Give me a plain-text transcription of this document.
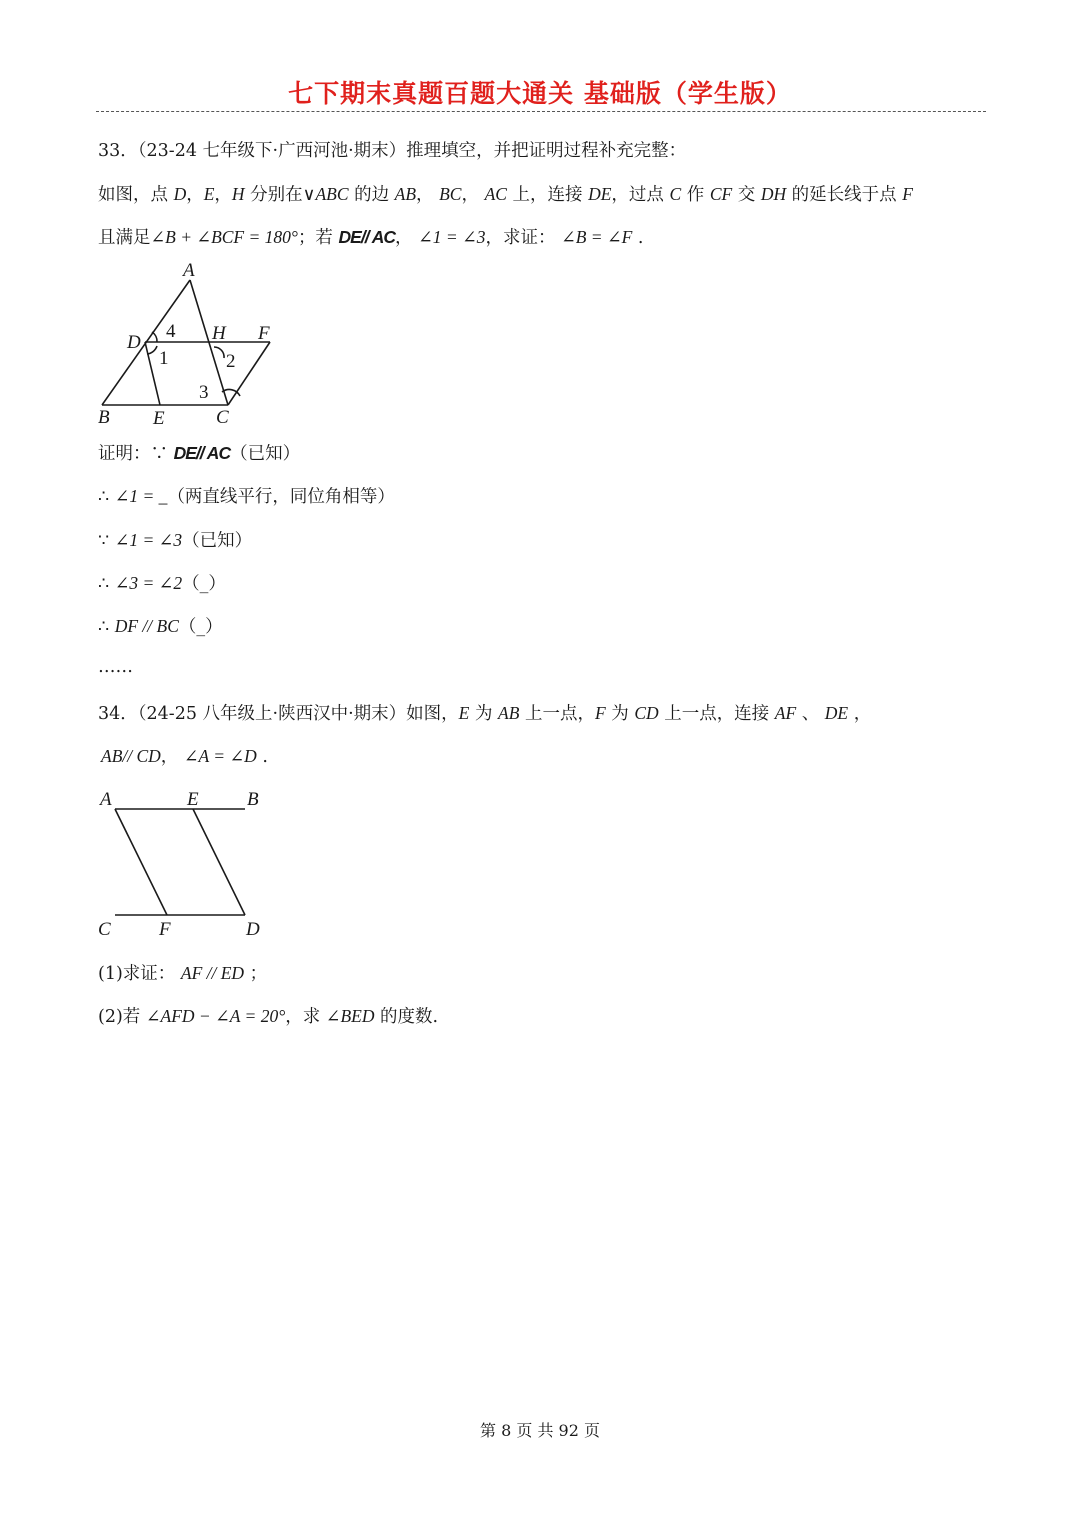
七下期末真题百题大通关 基础版（学生版）
33．（23-24 七年级下·广西河池·期末）推理填空，并把证明过程补充完整：
如图，点 D，E，H 分别在∨ABC 的边 AB， BC， AC 上，连接 DE，过点 C 作 CF 交 DH 的延长线于点 F
且满足∠B + ∠BCF = 180°；若 DE// AC， ∠1 = ∠3，求证： ∠B = ∠F .
A
D
4 H F
1	2
3
B E	C
证明：∵ DE// AC（已知）
∴ ∠1 = _（两直线平行，同位角相等）
∵ ∠1 = ∠3（已知）
∴ ∠3 = ∠2（_）
∴ DF // BC（_）
……
34．（24-25 八年级上·陕西汉中·期末）如图，E 为 AB 上一点，F 为 CD 上一点，连接 AF 、 DE ，
AB// CD， ∠A = ∠D .
A	E	B
C	F	D
(1)求证： AF // ED ；
(2)若 ∠AFD − ∠A = 20°，求 ∠BED 的度数.
第 8 页 共 92 页
